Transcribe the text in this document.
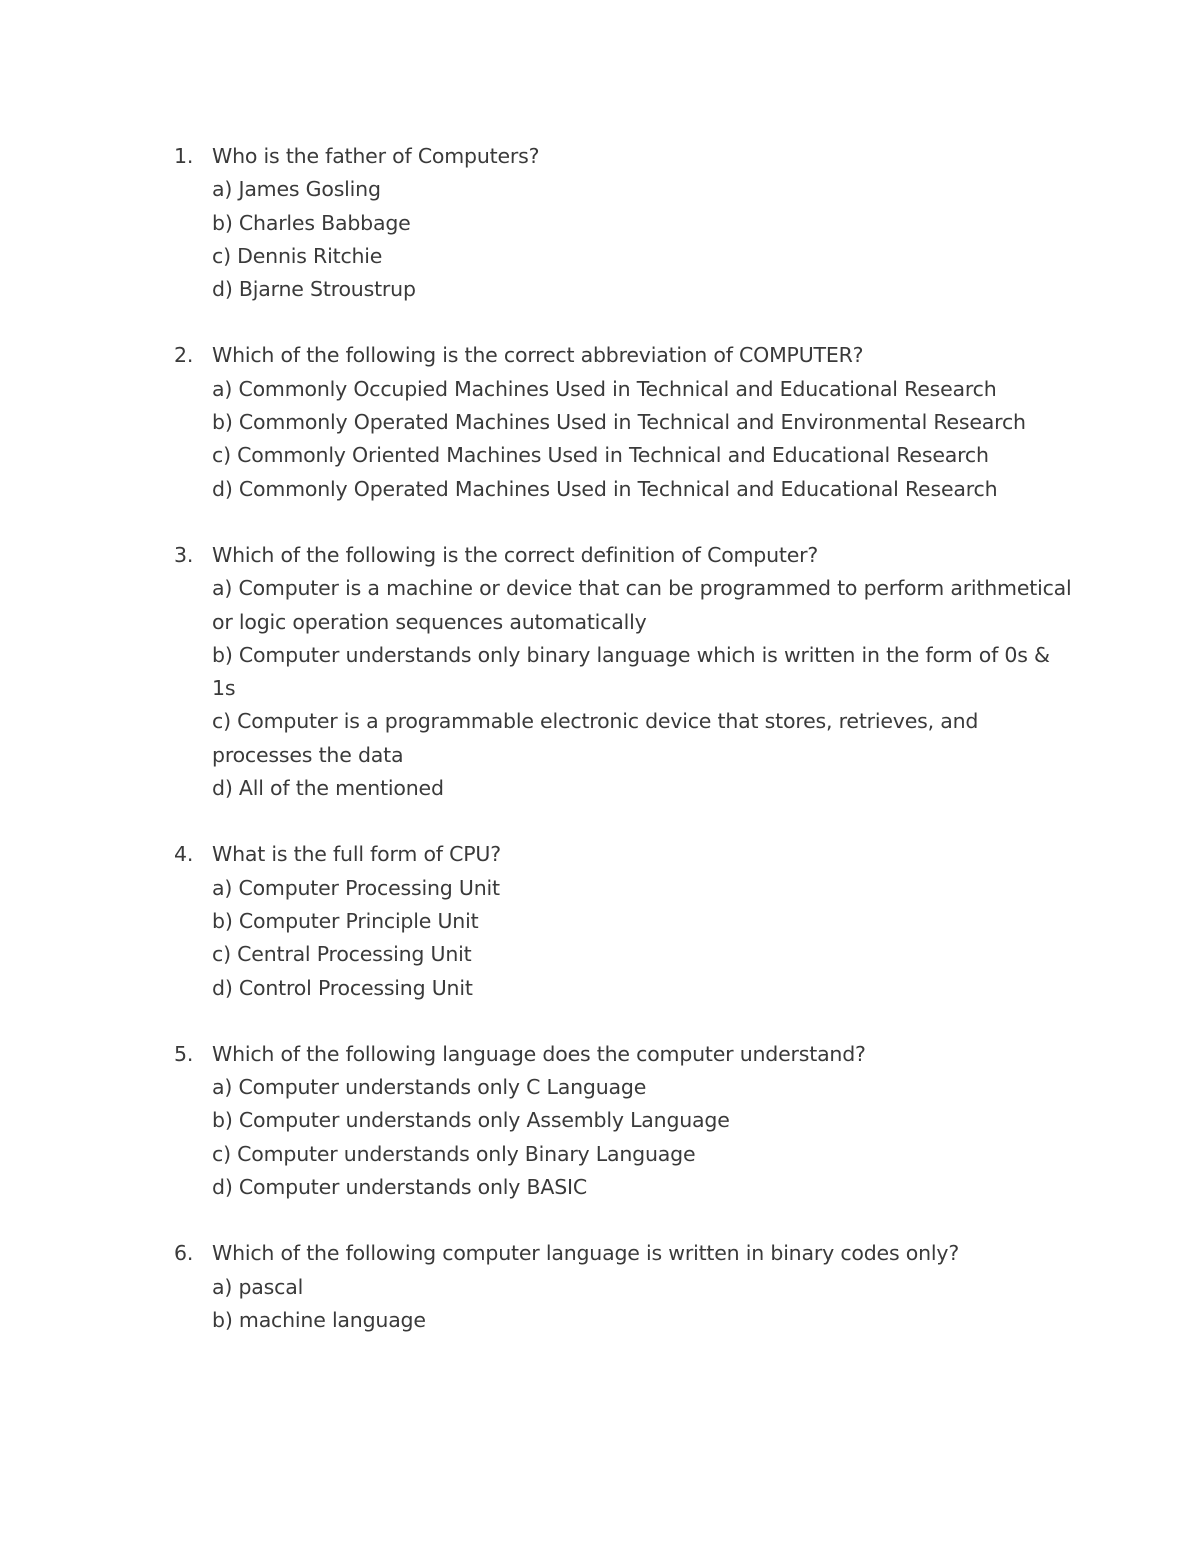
1. Who is the father of Computers?
a) James Gosling
b) Charles Babbage
c) Dennis Ritchie
d) Bjarne Stroustrup
2. Which of the following is the correct abbreviation of COMPUTER?
a) Commonly Occupied Machines Used in Technical and Educational Research
b) Commonly Operated Machines Used in Technical and Environmental Research
c) Commonly Oriented Machines Used in Technical and Educational Research
d) Commonly Operated Machines Used in Technical and Educational Research
3. Which of the following is the correct definition of Computer?
a) Computer is a machine or device that can be programmed to perform arithmetical or logic operation sequences automatically
b) Computer understands only binary language which is written in the form of 0s & 1s
c) Computer is a programmable electronic device that stores, retrieves, and processes the data
d) All of the mentioned
4. What is the full form of CPU?
a) Computer Processing Unit
b) Computer Principle Unit
c) Central Processing Unit
d) Control Processing Unit
5. Which of the following language does the computer understand?
a) Computer understands only C Language
b) Computer understands only Assembly Language
c) Computer understands only Binary Language
d) Computer understands only BASIC
6. Which of the following computer language is written in binary codes only?
a) pascal
b) machine language
